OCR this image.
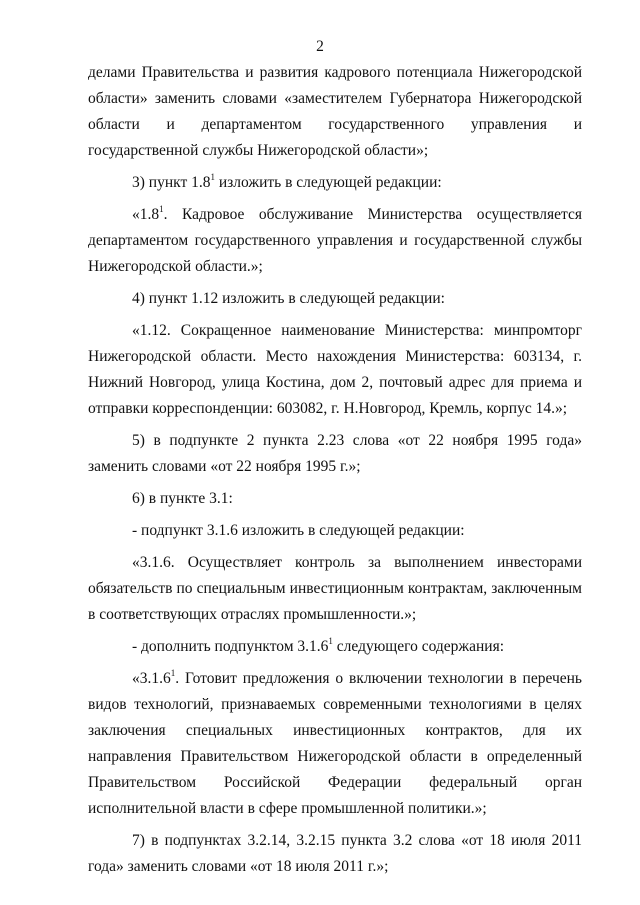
2
делами Правительства и развития кадрового потенциала Нижегородской области» заменить словами «заместителем Губернатора Нижегородской области и департаментом государственного управления и государственной службы Нижегородской области»;
3) пункт $1.8^1$ изложить в следующей редакции:
«$1.8^1$. Кадровое обслуживание Министерства осуществляется департаментом государственного управления и государственной службы Нижегородской области.»;
4) пункт 1.12 изложить в следующей редакции:
«1.12. Сокращенное наименование Министерства: минпромторг Нижегородской области. Место нахождения Министерства: 603134, г. Нижний Новгород, улица Костина, дом 2, почтовый адрес для приема и отправки корреспонденции: 603082, г. Н.Новгород, Кремль, корпус 14.»;
5) в подпункте 2 пункта 2.23 слова «от 22 ноября 1995 года» заменить словами «от 22 ноября 1995 г.»;
6) в пункте 3.1:
- подпункт 3.1.6 изложить в следующей редакции:
«3.1.6. Осуществляет контроль за выполнением инвесторами обязательств по специальным инвестиционным контрактам, заключенным в соответствующих отраслях промышленности.»;
- дополнить подпунктом 3.1.6$^1$ следующего содержания:
«3.1.6$^1$. Готовит предложения о включении технологии в перечень видов технологий, признаваемых современными технологиями в целях заключения специальных инвестиционных контрактов, для их направления Правительством Нижегородской области в определенный Правительством Российской Федерации федеральный орган исполнительной власти в сфере промышленной политики.»;
7) в подпунктах 3.2.14, 3.2.15 пункта 3.2 слова «от 18 июля 2011 года» заменить словами «от 18 июля 2011 г.»;
